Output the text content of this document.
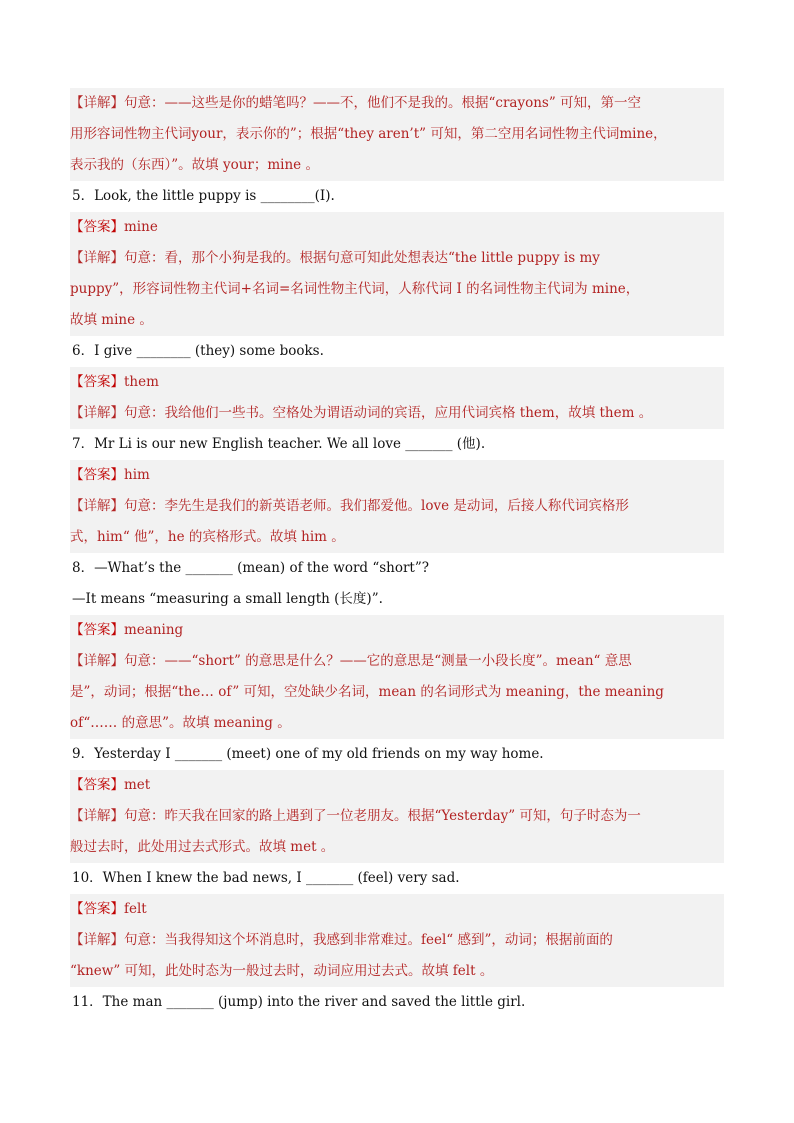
【详解】句意：——这些是你的蜡笔吗？——不，他们不是我的。根据“crayons” 可知，第一空
用形容词性物主代词your，表示你的”；根据“they aren’t” 可知，第二空用名词性物主代词mine，
表示我的（东西）”。故填 your；mine 。
5．Look, the little puppy is ________(I).
【答案】mine
【详解】句意：看，那个小狗是我的。根据句意可知此处想表达“the little puppy is my
puppy”，形容词性物主代词+名词=名词性物主代词，人称代词 I 的名词性物主代词为 mine，
故填 mine 。
6．I give ________ (they) some books.
【答案】them
【详解】句意：我给他们一些书。空格处为谓语动词的宾语，应用代词宾格 them，故填 them 。
7．Mr Li is our new English teacher. We all love _______ (他).
【答案】him
【详解】句意：李先生是我们的新英语老师。我们都爱他。love 是动词，后接人称代词宾格形
式，him“ 他”，he 的宾格形式。故填 him 。
8．—What’s the _______ (mean) of the word “short”?
—It means “measuring a small length (长度)”.
【答案】meaning
【详解】句意：——“short” 的意思是什么？——它的意思是“测量一小段长度”。mean“ 意思
是”，动词；根据“the… of” 可知，空处缺少名词，mean 的名词形式为 meaning，the meaning
of“…… 的意思”。故填 meaning 。
9．Yesterday I _______ (meet) one of my old friends on my way home.
【答案】met
【详解】句意：昨天我在回家的路上遇到了一位老朋友。根据“Yesterday” 可知，句子时态为一
般过去时，此处用过去式形式。故填 met 。
10．When I knew the bad news, I _______ (feel) very sad.
【答案】felt
【详解】句意：当我得知这个坏消息时，我感到非常难过。feel“ 感到”，动词；根据前面的
“knew” 可知，此处时态为一般过去时，动词应用过去式。故填 felt 。
11．The man _______ (jump) into the river and saved the little girl.
